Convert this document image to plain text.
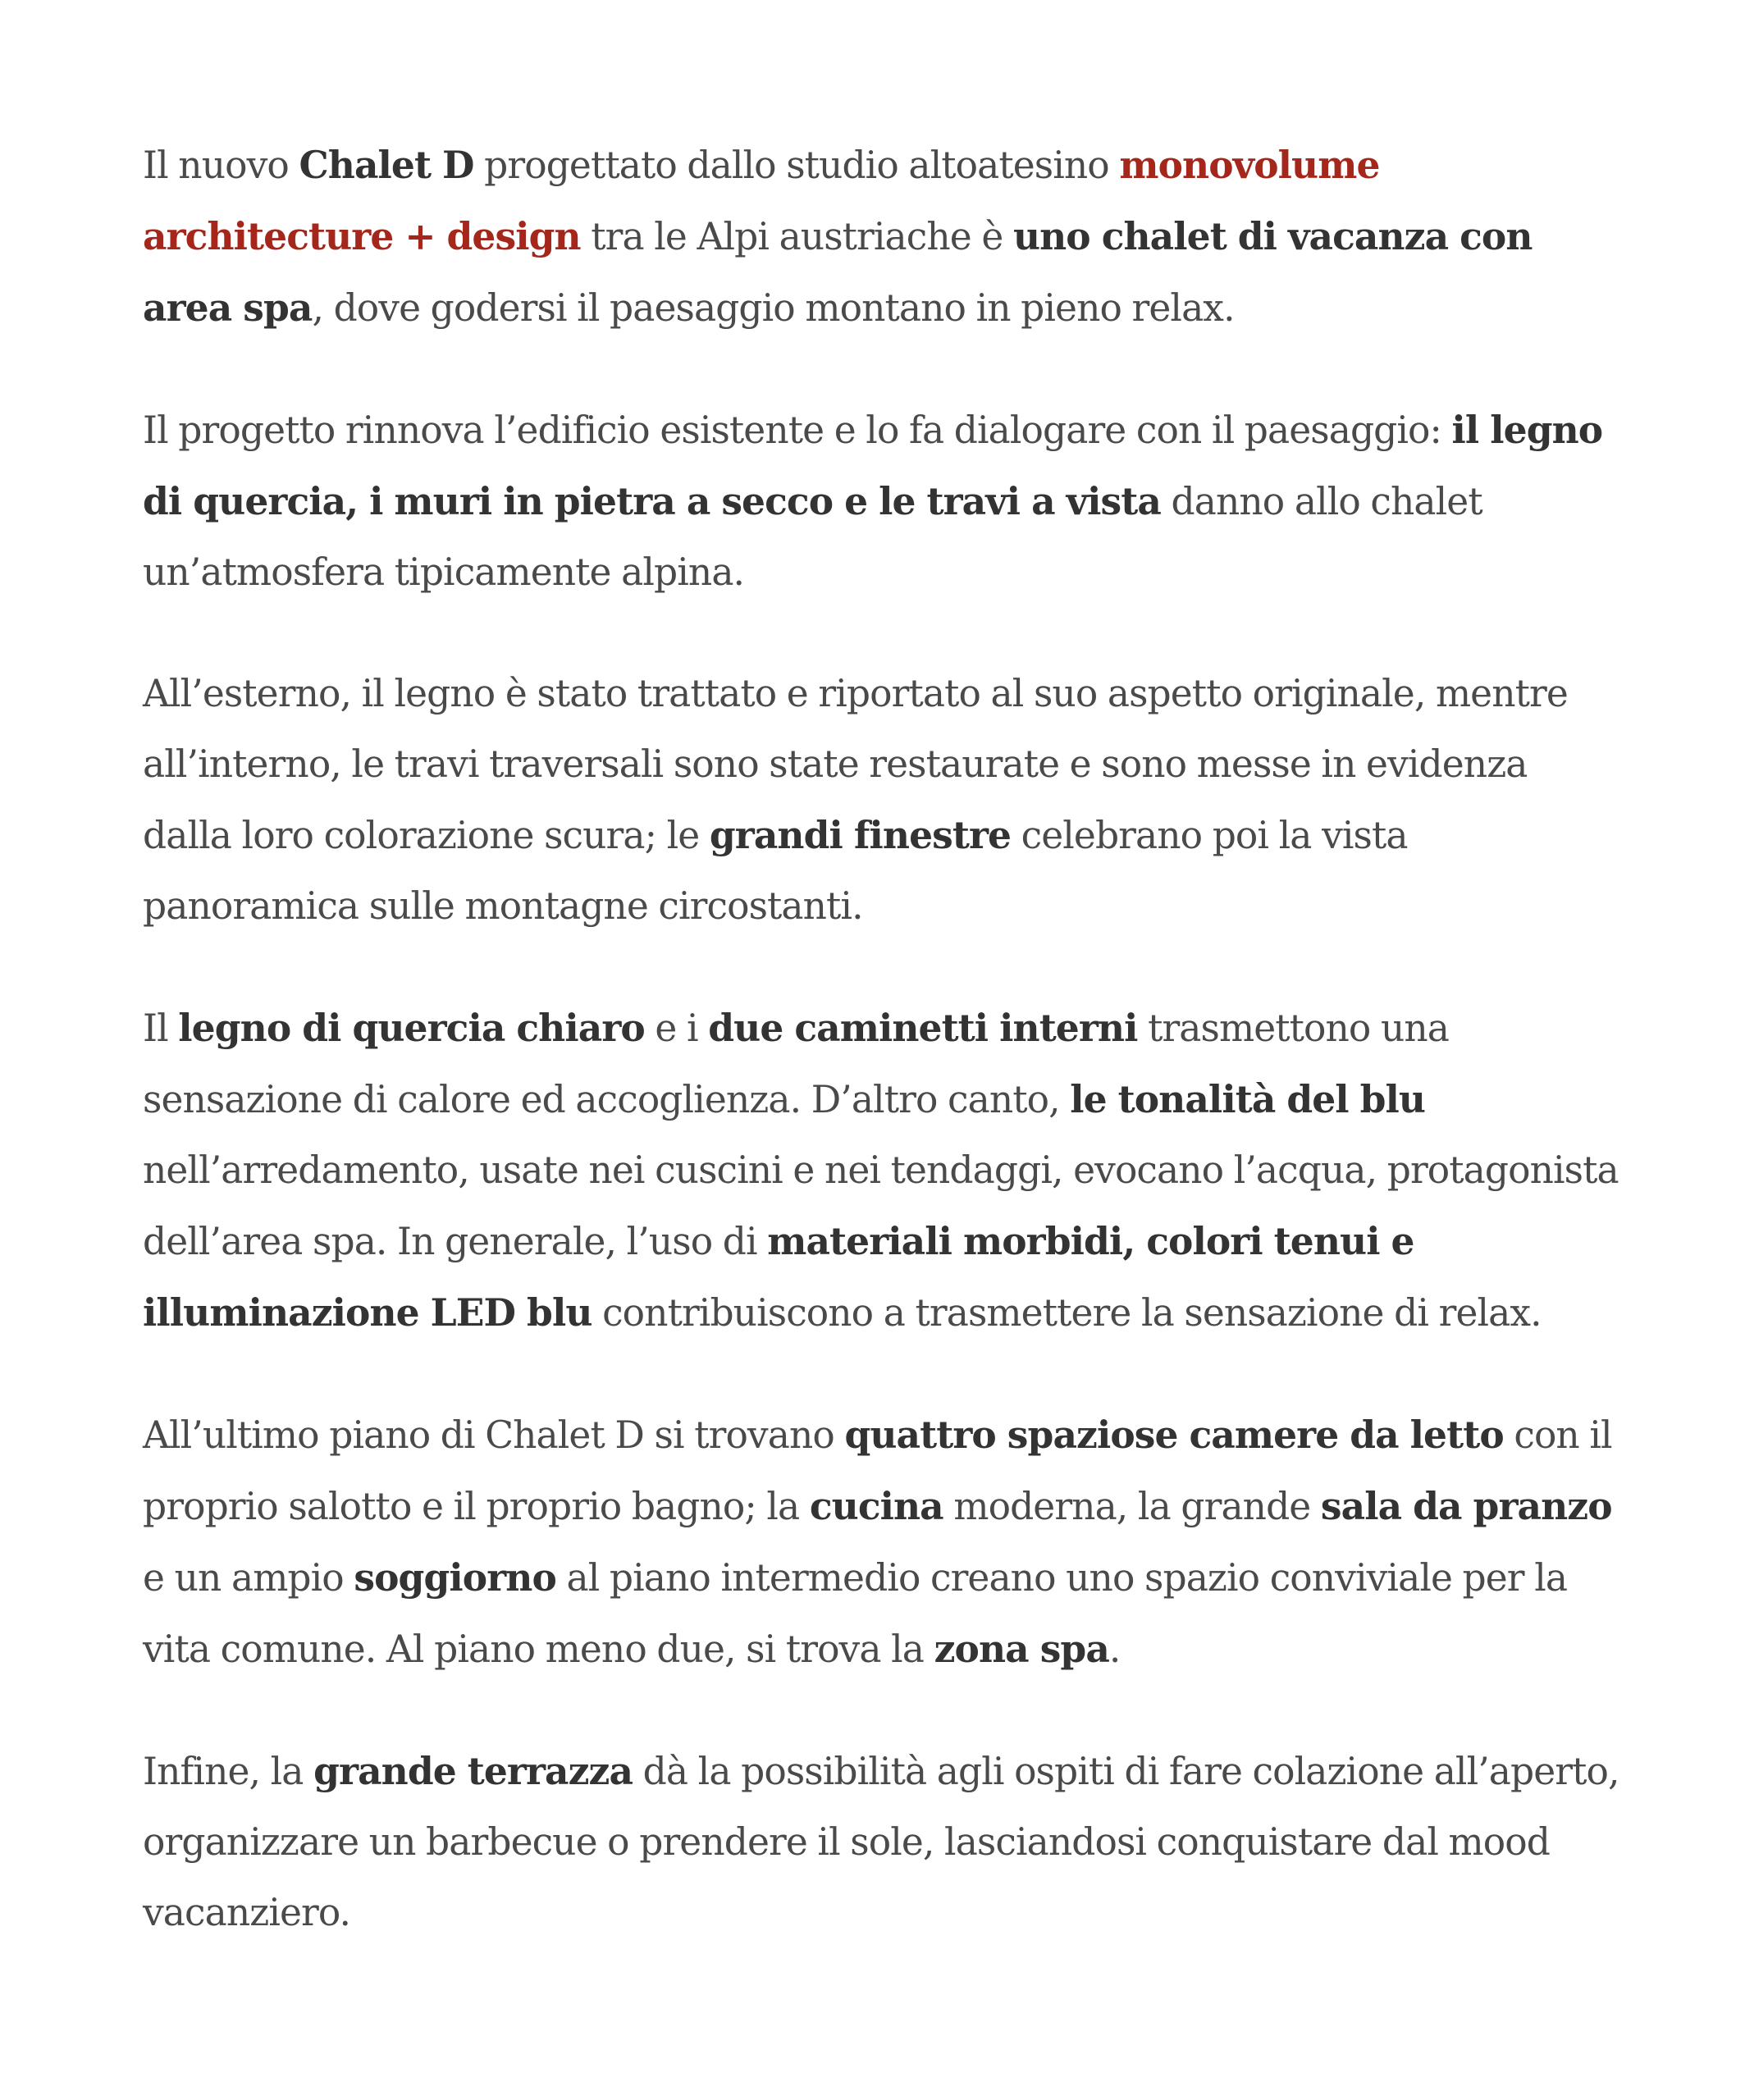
Il nuovo Chalet D progettato dallo studio altoatesino monovolume architecture + design tra le Alpi austriache è uno chalet di vacanza con area spa, dove godersi il paesaggio montano in pieno relax.

Il progetto rinnova l’edificio esistente e lo fa dialogare con il paesaggio: il legno di quercia, i muri in pietra a secco e le travi a vista danno allo chalet un’atmosfera tipicamente alpina.

All’esterno, il legno è stato trattato e riportato al suo aspetto originale, mentre all’interno, le travi traversali sono state restaurate e sono messe in evidenza dalla loro colorazione scura; le grandi finestre celebrano poi la vista panoramica sulle montagne circostanti.

Il legno di quercia chiaro e i due caminetti interni trasmettono una sensazione di calore ed accoglienza. D’altro canto, le tonalità del blu nell’arredamento, usate nei cuscini e nei tendaggi, evocano l’acqua, protagonista dell’area spa. In generale, l’uso di materiali morbidi, colori tenui e illuminazione LED blu contribuiscono a trasmettere la sensazione di relax.

All’ultimo piano di Chalet D si trovano quattro spaziose camere da letto con il proprio salotto e il proprio bagno; la cucina moderna, la grande sala da pranzo e un ampio soggiorno al piano intermedio creano uno spazio conviviale per la vita comune. Al piano meno due, si trova la zona spa.

Infine, la grande terrazza dà la possibilità agli ospiti di fare colazione all’aperto, organizzare un barbecue o prendere il sole, lasciandosi conquistare dal mood vacanziero.
